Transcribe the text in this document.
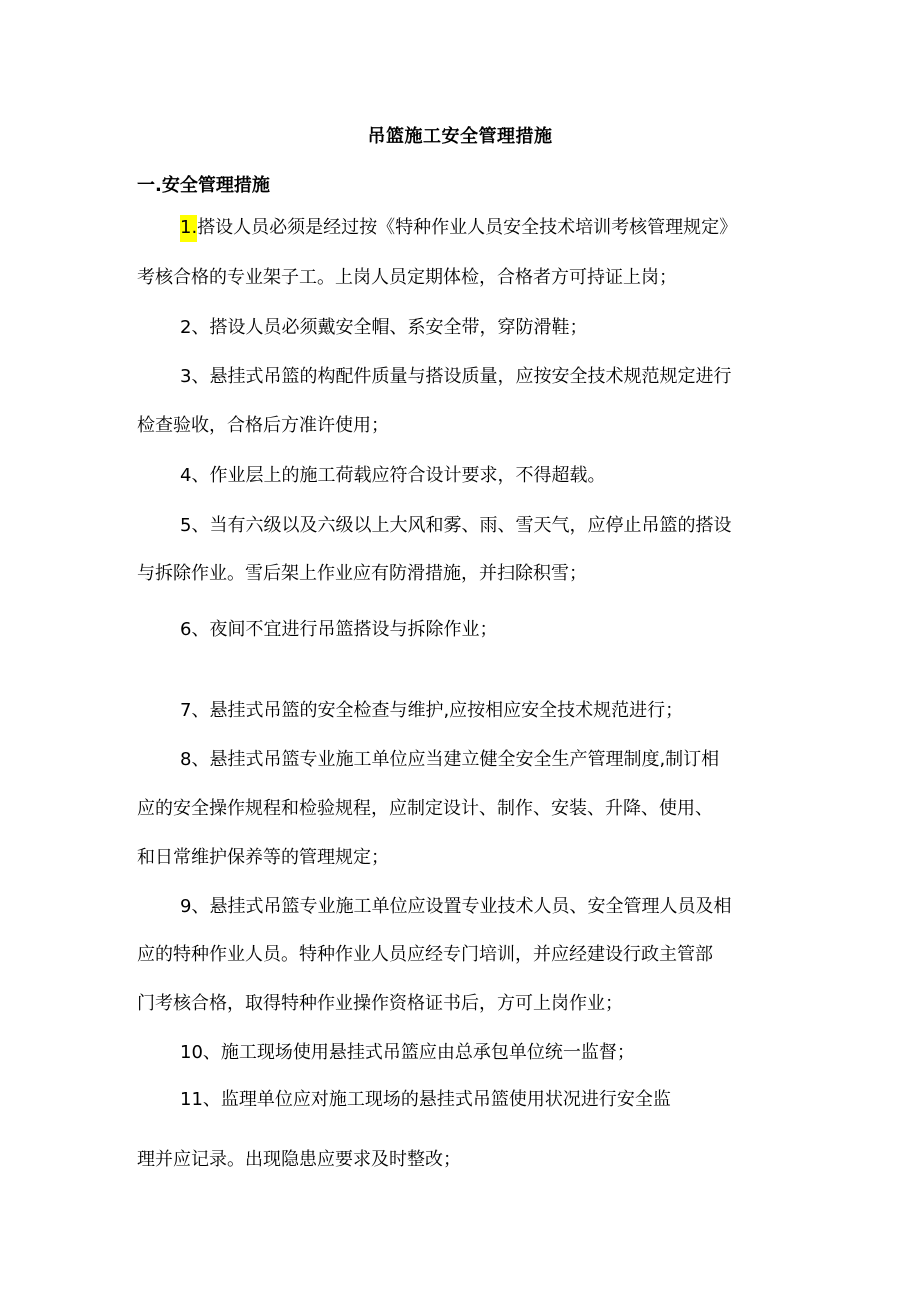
吊篮施工安全管理措施
一.安全管理措施
1.搭设人员必须是经过按《特种作业人员安全技术培训考核管理规定》
考核合格的专业架子工。上岗人员定期体检，合格者方可持证上岗；
2、搭设人员必须戴安全帽、系安全带，穿防滑鞋；
3、悬挂式吊篮的构配件质量与搭设质量，应按安全技术规范规定进行
检查验收，合格后方准许使用；
4、作业层上的施工荷载应符合设计要求，不得超载。
5、当有六级以及六级以上大风和雾、雨、雪天气，应停止吊篮的搭设
与拆除作业。雪后架上作业应有防滑措施，并扫除积雪；
6、夜间不宜进行吊篮搭设与拆除作业；
7、悬挂式吊篮的安全检查与维护,应按相应安全技术规范进行；
8、悬挂式吊篮专业施工单位应当建立健全安全生产管理制度,制订相
应的安全操作规程和检验规程，应制定设计、制作、安装、升降、使用、
和日常维护保养等的管理规定；
9、悬挂式吊篮专业施工单位应设置专业技术人员、安全管理人员及相
应的特种作业人员。特种作业人员应经专门培训，并应经建设行政主管部
门考核合格，取得特种作业操作资格证书后，方可上岗作业；
10、施工现场使用悬挂式吊篮应由总承包单位统一监督；
11、监理单位应对施工现场的悬挂式吊篮使用状况进行安全监
理并应记录。出现隐患应要求及时整改；
